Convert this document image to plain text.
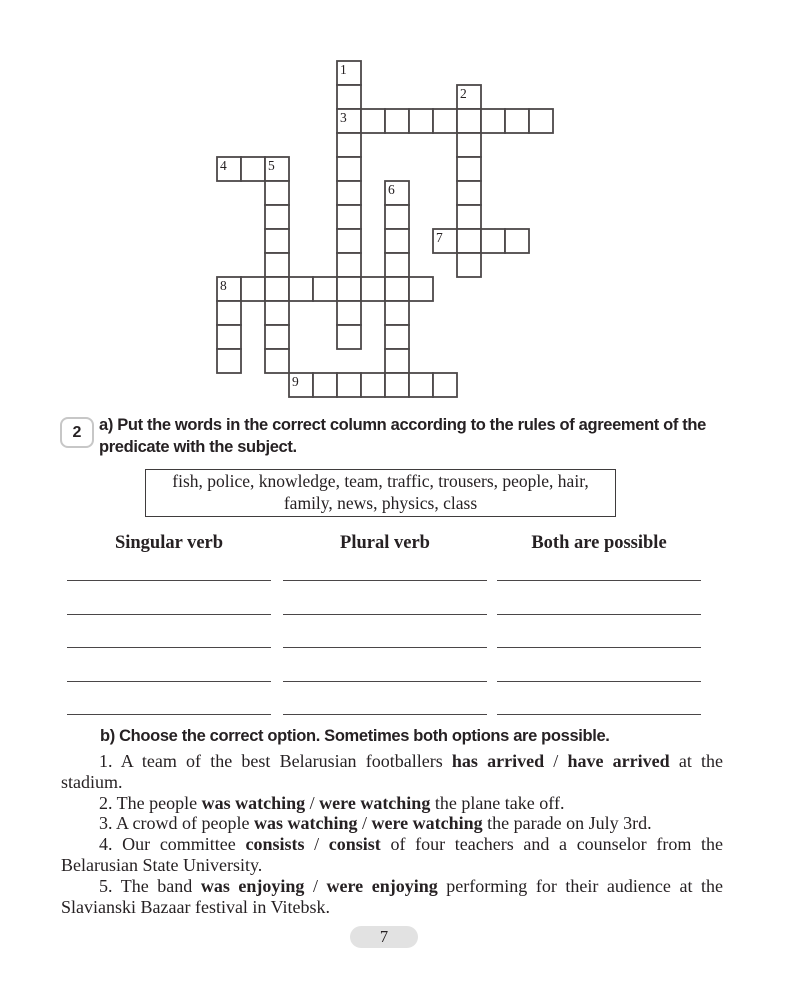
1
2
3
4	5
6
7
8
9
2 a) Put the words in the correct column according to the rules of agreement of the
predicate with the subject.
fish, police, knowledge, team, traffic, trousers, people, hair,
family, news, physics, class
Singular verb	Plural verb	Both are possible
b) Choose the correct option. Sometimes both options are possible.

1. A team of the best Belarusian footballers has arrived / have arrived at the stadium.

2. The people was watching / were watching the plane take off.

3. A crowd of people was watching / were watching the parade on July 3rd.

4. Our committee consists / consist of four teachers and a counselor from the Belarusian State University.

5. The band was enjoying / were enjoying performing for their audience at the Slavianski Bazaar festival in Vitebsk.

7
